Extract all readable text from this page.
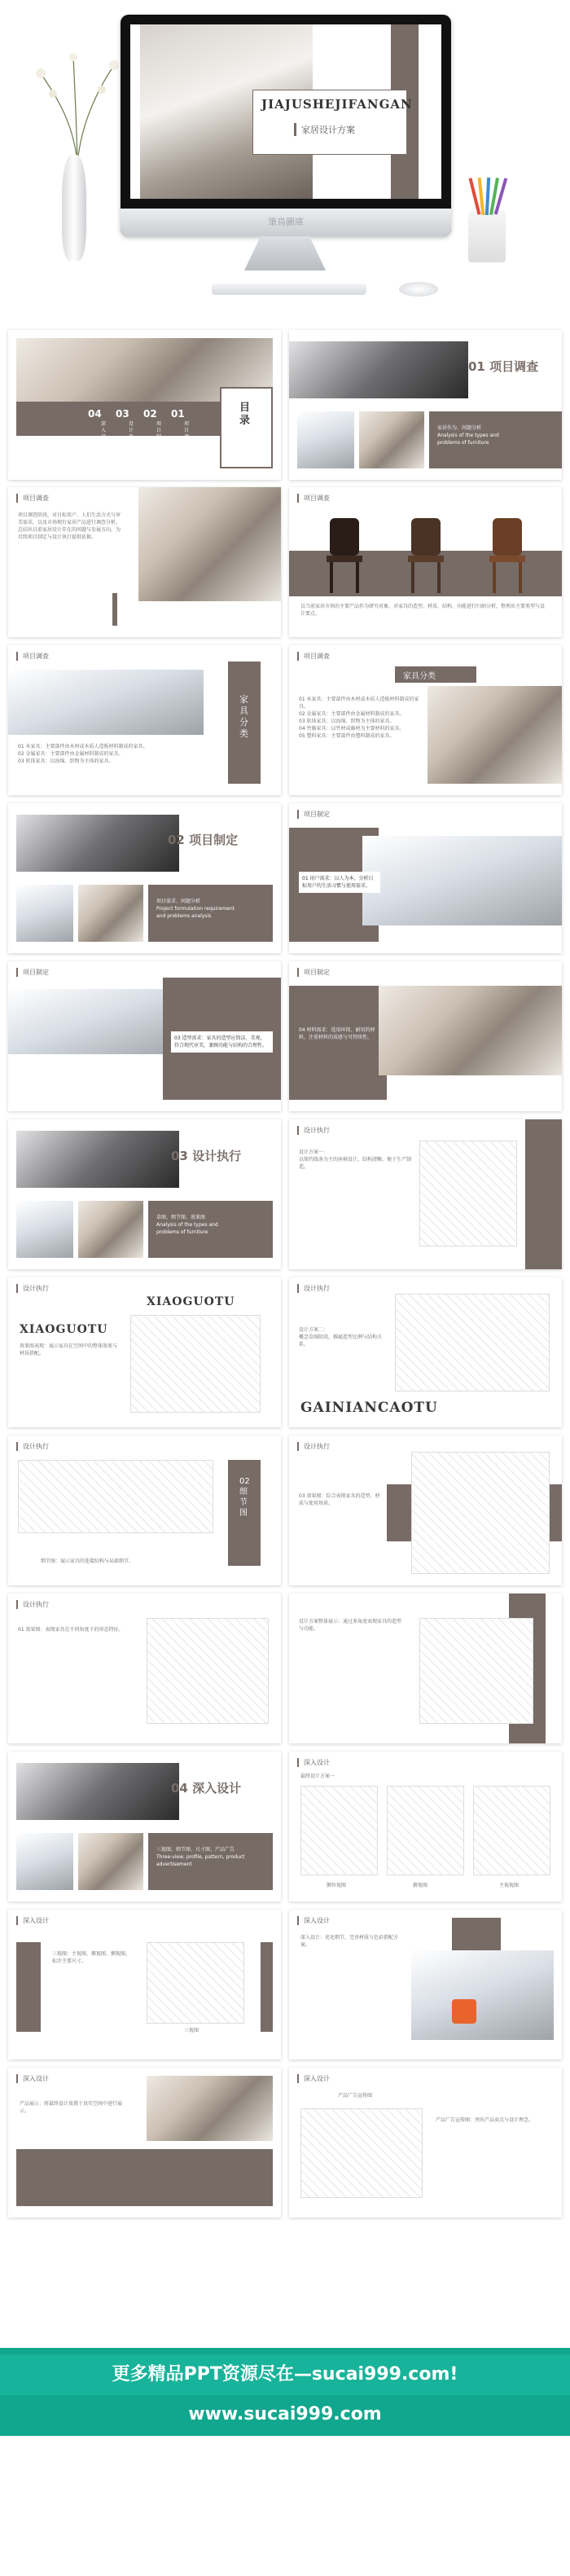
JIAJUSHEJIFANGAN
家居设计方案
筆鳥圖庫
目录
04 03 02 01
深入设计
设计执行
项目制定
项目调查
01 项目调查
家居作为、问题分析
Analysis of the types and
problems of furniture
项目调查
项目调查阶段，对目标用户、人们生活方式与审美需求，以及市场现有家居产品进行调查分析，总结出目前家居设计存在的问题与发展方向，为后续项目制定与设计执行提供依据。
项目调查
以当前家居市场的主要产品作为研究对象，对家具的造型、材质、结构、功能进行归纳分析，整理出主要类型与设计要点。
项目调查
家具分类
01 木家具：主要部件由木材或木质人造板材料制成的家具。
02 金属家具：主要部件由金属材料制成的家具。
03 软体家具：以海绵、织物为主体的家具。
项目调查
家具分类
01 木家具：主要部件由木材或木质人造板材料制成的家具。
02 金属家具：主要部件由金属材料制成的家具。
03 软体家具：以海绵、织物为主体的家具。
04 竹藤家具：以竹材或藤材为主要材料的家具。
05 塑料家具：主要部件由塑料制成的家具。
02 项目制定
项目需求、问题分析
Project formulation requirement
and problems analysis
项目制定
01 用户需求：以人为本，分析目标用户的生活习惯与使用需求。
项目制定
03 造型需求：家具的造型应简洁、美观，符合现代审美，兼顾功能与结构的合理性。
项目制定
04 材料需求：选用环保、耐用的材料，注重材料的质感与可持续性。
03 设计执行
草图、细节图、效果图
Analysis of the types and
problems of furniture
设计执行
设计方案一：
以简约线条为主的座椅设计，结构清晰，便于生产制造。
设计执行
XIAOGUOTU
XIAOGUOTU
效果图表现：展示家具在空间中的整体效果与材质搭配。
设计执行
设计方案二：
概念草图阶段，推敲造型比例与结构关系。
GAINIANCAOTU
设计执行
02 细节图
细节图：展示家具的连接结构与局部细节。
设计执行
03 效果图：综合表现家具的造型、材质与使用场景。
设计执行
01 效果图：表现家具在不同角度下的形态特征。
设计方案整体展示：通过多角度表现家具的造型与功能。
04 深入设计
三视图、细节图、尺寸图、产品广告
Three-view, profile, pattern, product
advertisement
深入设计
最终设计方案一
侧位视图	俯视图	主视视图
深入设计
三视图：主视图、俯视图、侧视图，标注主要尺寸。
三视图
深入设计
深入设计：优化细节，完善材质与色彩搭配方案。
深入设计
产品展示：将最终设计放置于真实空间中进行展示。
深入设计
产品广告宣传图
产品广告宣传图：突出产品卖点与设计理念。
更多精品PPT资源尽在—sucai999.com!
www.sucai999.com
